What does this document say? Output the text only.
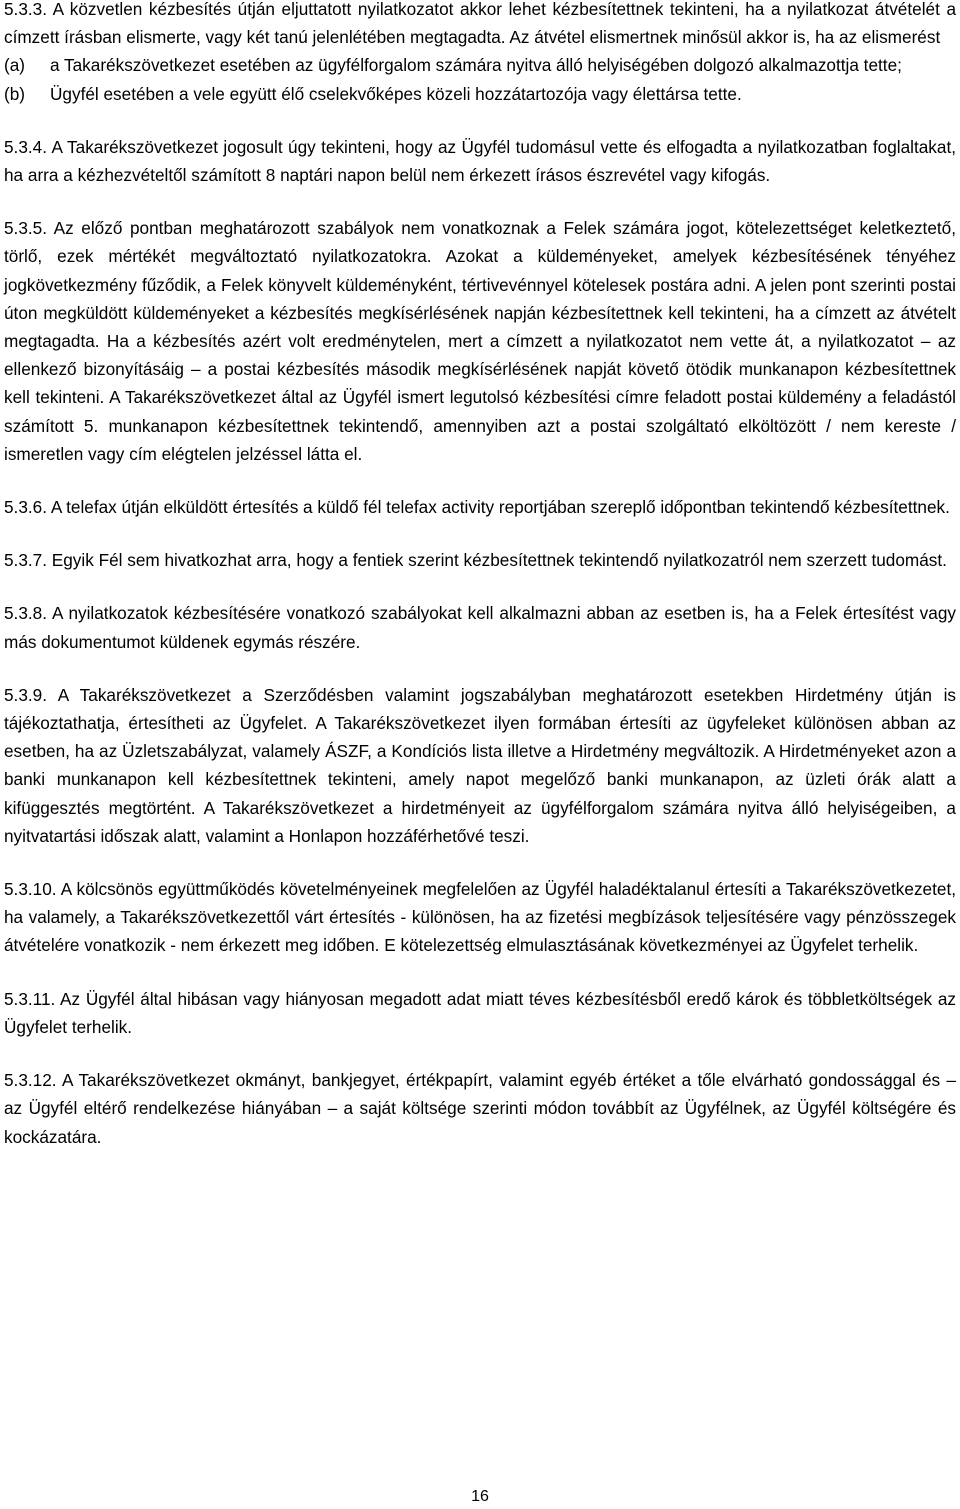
5.3.3. A közvetlen kézbesítés útján eljuttatott nyilatkozatot akkor lehet kézbesítettnek tekinteni, ha a nyilatkozat átvételét a címzett írásban elismerte, vagy két tanú jelenlétében megtagadta. Az átvétel elismertnek minősül akkor is, ha az elismerést

(a)	a Takarékszövetkezet esetében az ügyfélforgalom számára nyitva álló helyiségében dolgozó alkalmazottja tette;
(b)	Ügyfél esetében a vele együtt élő cselekvőképes közeli hozzátartozója vagy élettársa tette.

5.3.4. A Takarékszövetkezet jogosult úgy tekinteni, hogy az Ügyfél tudomásul vette és elfogadta a nyilatkozatban foglaltakat, ha arra a kézhezvételtől számított 8 naptári napon belül nem érkezett írásos észrevétel vagy kifogás.

5.3.5. Az előző pontban meghatározott szabályok nem vonatkoznak a Felek számára jogot, kötelezettséget keletkeztető, törlő, ezek mértékét megváltoztató nyilatkozatokra. Azokat a küldeményeket, amelyek kézbesítésének tényéhez jogkövetkezmény fűződik, a Felek könyvelt küldeményként, tértivevénnyel kötelesek postára adni. A jelen pont szerinti postai úton megküldött küldeményeket a kézbesítés megkísérlésének napján kézbesítettnek kell tekinteni, ha a címzett az átvételt megtagadta. Ha a kézbesítés azért volt eredménytelen, mert a címzett a nyilatkozatot nem vette át, a nyilatkozatot – az ellenkező bizonyításáig – a postai kézbesítés második megkísérlésének napját követő ötödik munkanapon kézbesítettnek kell tekinteni. A Takarékszövetkezet által az Ügyfél ismert legutolsó kézbesítési címre feladott postai küldemény a feladástól számított 5. munkanapon kézbesítettnek tekintendő, amennyiben azt a postai szolgáltató elköltözött / nem kereste / ismeretlen vagy cím elégtelen jelzéssel látta el.

5.3.6. A telefax útján elküldött értesítés a küldő fél telefax activity reportjában szereplő időpontban tekintendő kézbesítettnek.

5.3.7. Egyik Fél sem hivatkozhat arra, hogy a fentiek szerint kézbesítettnek tekintendő nyilatkozatról nem szerzett tudomást.

5.3.8. A nyilatkozatok kézbesítésére vonatkozó szabályokat kell alkalmazni abban az esetben is, ha a Felek értesítést vagy más dokumentumot küldenek egymás részére.

5.3.9. A Takarékszövetkezet a Szerződésben valamint jogszabályban meghatározott esetekben Hirdetmény útján is tájékoztathatja, értesítheti az Ügyfelet. A Takarékszövetkezet ilyen formában értesíti az ügyfeleket különösen abban az esetben, ha az Üzletszabályzat, valamely ÁSZF, a Kondíciós lista illetve a Hirdetmény megváltozik. A Hirdetményeket azon a banki munkanapon kell kézbesítettnek tekinteni, amely napot megelőző banki munkanapon, az üzleti órák alatt a kifüggesztés megtörtént. A Takarékszövetkezet a hirdetményeit az ügyfélforgalom számára nyitva álló helyiségeiben, a nyitvatartási időszak alatt, valamint a Honlapon hozzáférhetővé teszi.

5.3.10. A kölcsönös együttműködés követelményeinek megfelelően az Ügyfél haladéktalanul értesíti a Takarékszövetkezetet, ha valamely, a Takarékszövetkezettől várt értesítés - különösen, ha az fizetési megbízások teljesítésére vagy pénzösszegek átvételére vonatkozik - nem érkezett meg időben. E kötelezettség elmulasztásának következményei az Ügyfelet terhelik.

5.3.11. Az Ügyfél által hibásan vagy hiányosan megadott adat miatt téves kézbesítésből eredő károk és többletköltségek az Ügyfelet terhelik.

5.3.12. A Takarékszövetkezet okmányt, bankjegyet, értékpapírt, valamint egyéb értéket a tőle elvárható gondossággal és – az Ügyfél eltérő rendelkezése hiányában – a saját költsége szerinti módon továbbít az Ügyfélnek, az Ügyfél költségére és kockázatára.

16
